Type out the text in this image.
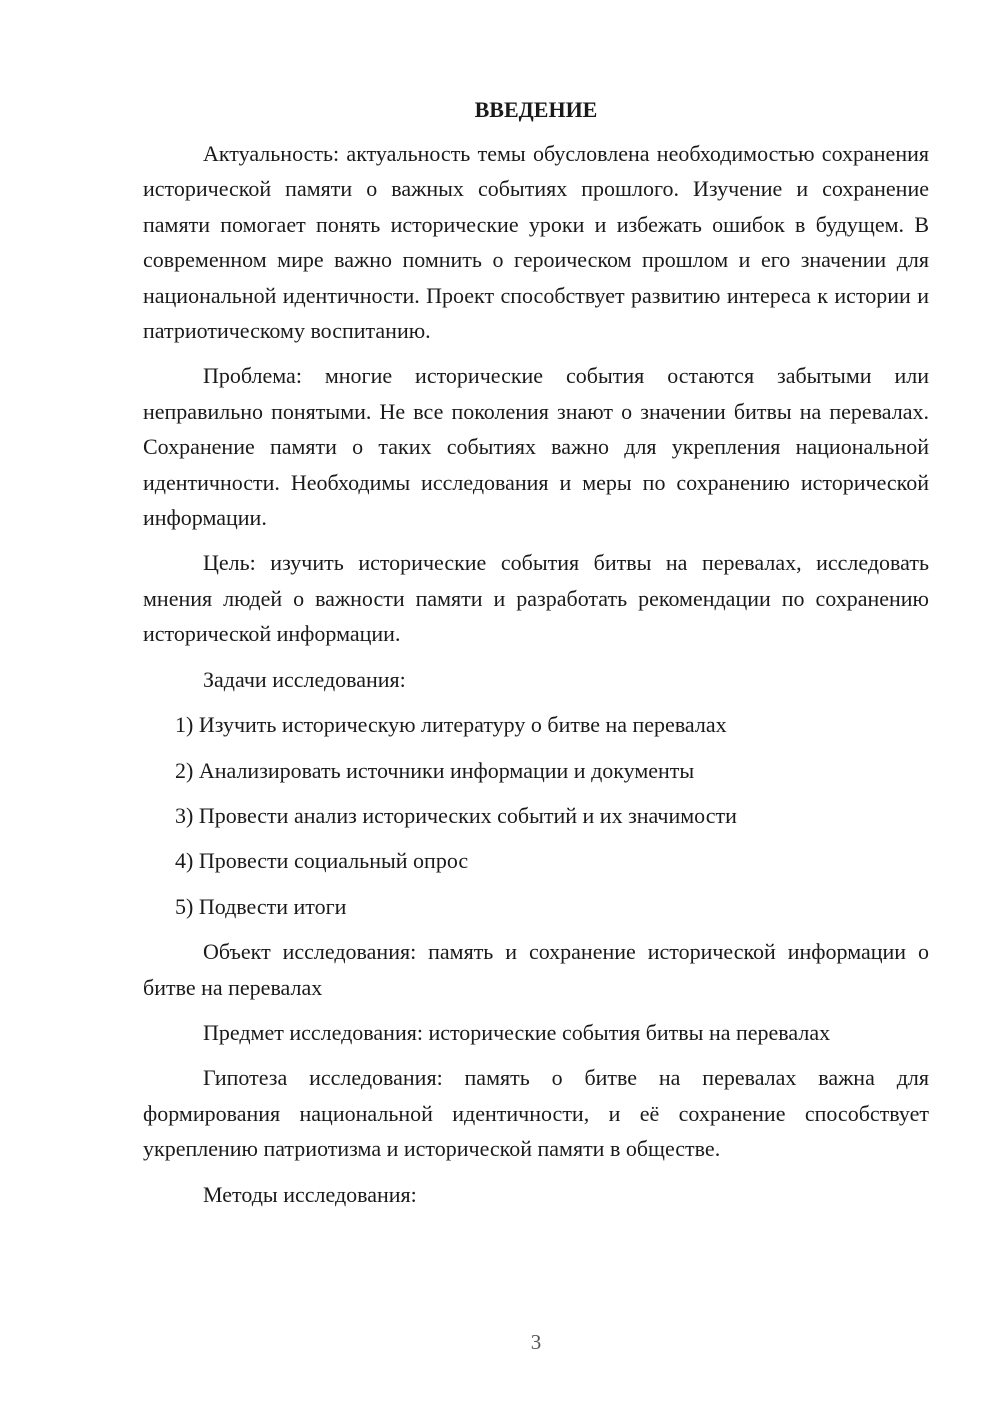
ВВЕДЕНИЕ

Актуальность: актуальность темы обусловлена необходимостью сохранения исторической памяти о важных событиях прошлого. Изучение и сохранение памяти помогает понять исторические уроки и избежать ошибок в будущем. В современном мире важно помнить о героическом прошлом и его значении для национальной идентичности. Проект способствует развитию интереса к истории и патриотическому воспитанию.

Проблема: многие исторические события остаются забытыми или неправильно понятыми. Не все поколения знают о значении битвы на перевалах. Сохранение памяти о таких событиях важно для укрепления национальной идентичности. Необходимы исследования и меры по сохранению исторической информации.

Цель: изучить исторические события битвы на перевалах, исследовать мнения людей о важности памяти и разработать рекомендации по сохранению исторической информации.

Задачи исследования:

1) Изучить историческую литературу о битве на перевалах

2) Анализировать источники информации и документы

3) Провести анализ исторических событий и их значимости

4) Провести социальный опрос

5) Подвести итоги

Объект исследования: память и сохранение исторической информации о битве на перевалах

Предмет исследования: исторические события битвы на перевалах

Гипотеза исследования: память о битве на перевалах важна для формирования национальной идентичности, и её сохранение способствует укреплению патриотизма и исторической памяти в обществе.

Методы исследования:

3
